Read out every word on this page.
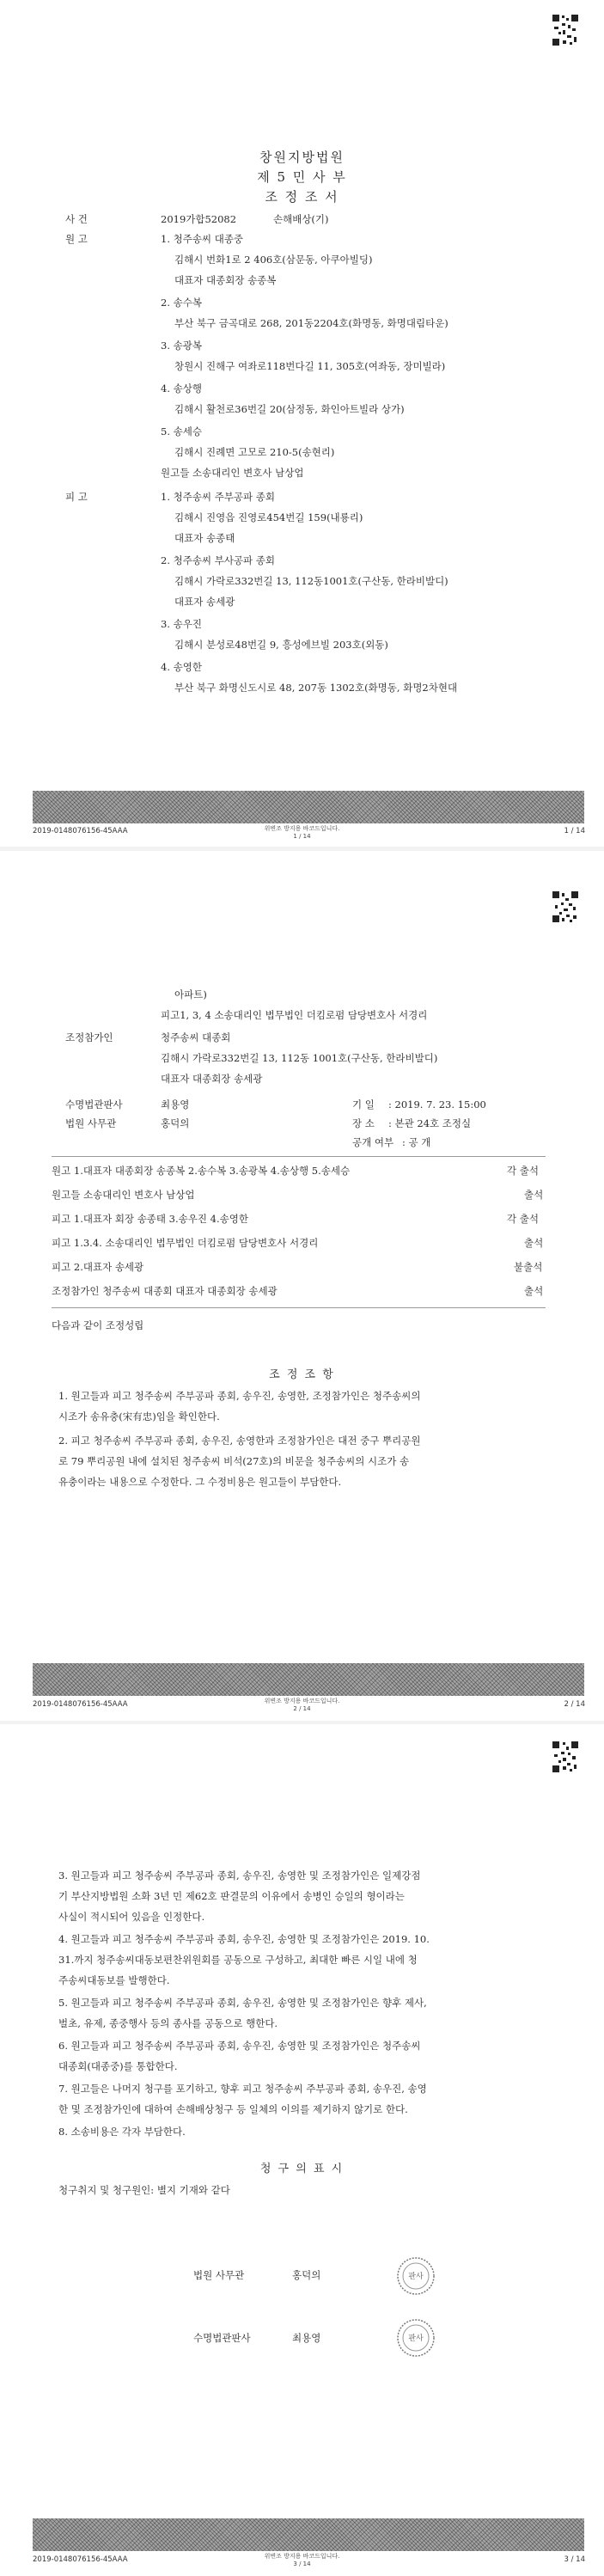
창원지방법원
제 5 민 사 부
조 정 조 서
사 건	2019가합52082	손해배상(기)
원 고	1. 청주송씨 대종중
김해시 번화1로 2 406호(삼문동, 아쿠아빌딩)
대표자 대종회장 송종복
2. 송수복
부산 북구 금곡대로 268, 201동2204호(화명동, 화명대림타운)
3. 송광복
창원시 진해구 여좌로118번다길 11, 305호(여좌동, 장미빌라)
4. 송상행
김해시 활천로36번길 20(삼정동, 화인아트빌라 상가)
5. 송세승
김해시 진례면 고모로 210-5(송현리)
원고들 소송대리인 변호사 남상업
피 고	1. 청주송씨 주부공파 종회
김해시 진영읍 진영로454번길 159(내룡리)
대표자 송종태
2. 청주송씨 부사공파 종회
김해시 가락로332번길 13, 112동1001호(구산동, 한라비발디)
대표자 송세광
3. 송우진
김해시 분성로48번길 9, 흥성에브빌 203호(외동)
4. 송영한
부산 북구 화명신도시로 48, 207동 1302호(화명동, 화명2차현대
위변조 방지용 바코드입니다.
1 / 14
2019-0148076156-45AAA	1 / 14
아파트)
피고1, 3, 4 소송대리인 법무법인 더킴로펌 담당변호사 서경리
조정참가인	청주송씨 대종회
김해시 가락로332번길 13, 112동 1001호(구산동, 한라비발디)
대표자 대종회장 송세광
수명법관판사	최용영	기 일 : 2019. 7. 23. 15:00
법원 사무관	홍덕의	장 소 : 본관 24호 조정실
공개 여부 : 공 개
원고 1.대표자 대종회장 송종복 2.송수복 3.송광복 4.송상행 5.송세승	각 출석
원고들 소송대리인 변호사 남상업	출석
피고 1.대표자 회장 송종태 3.송우진 4.송영한	각 출석
피고 1.3.4. 소송대리인 법무법인 더킴로펌 담당변호사 서경리	출석
피고 2.대표자 송세광	불출석
조정참가인 청주송씨 대종회 대표자 대종회장 송세광	출석
다음과 같이 조정성립
조 정 조 항
1. 원고들과 피고 청주송씨 주부공파 종회, 송우진, 송영한, 조정참가인은 청주송씨의
시조가 송유충(宋有忠)임을 확인한다.
2. 피고 청주송씨 주부공파 종회, 송우진, 송영한과 조정참가인은 대전 중구 뿌리공원
로 79 뿌리공원 내에 설치된 청주송씨 비석(27호)의 비문을 청주송씨의 시조가 송
유충이라는 내용으로 수정한다. 그 수정비용은 원고들이 부담한다.
위변조 방지용 바코드입니다.
2 / 14
2019-0148076156-45AAA	2 / 14
3. 원고들과 피고 청주송씨 주부공파 종회, 송우진, 송영한 및 조정참가인은 일제강점
기 부산지방법원 소화 3년 민 제62호 판결문의 이유에서 송병인 승일의 형이라는
사실이 적시되어 있음을 인정한다.
4. 원고들과 피고 청주송씨 주부공파 종회, 송우진, 송영한 및 조정참가인은 2019. 10.
31.까지 청주송씨대동보편찬위원회를 공동으로 구성하고, 최대한 빠른 시일 내에 청
주송씨대동보를 발행한다.
5. 원고들과 피고 청주송씨 주부공파 종회, 송우진, 송영한 및 조정참가인은 향후 제사,
벌초, 유제, 종중행사 등의 종사를 공동으로 행한다.
6. 원고들과 피고 청주송씨 주부공파 종회, 송우진, 송영한 및 조정참가인은 청주송씨
대종회(대종중)를 통합한다.
7. 원고들은 나머지 청구를 포기하고, 향후 피고 청주송씨 주부공파 종회, 송우진, 송영
한 및 조정참가인에 대하여 손해배상청구 등 일체의 이의를 제기하지 않기로 한다.
8. 소송비용은 각자 부담한다.
청 구 의 표 시
청구취지 및 청구원인: 별지 기재와 같다
법원 사무관	홍덕의	판사
수명법관판사	최용영	판사
위변조 방지용 바코드입니다.
3 / 14
2019-0148076156-45AAA	3 / 14
